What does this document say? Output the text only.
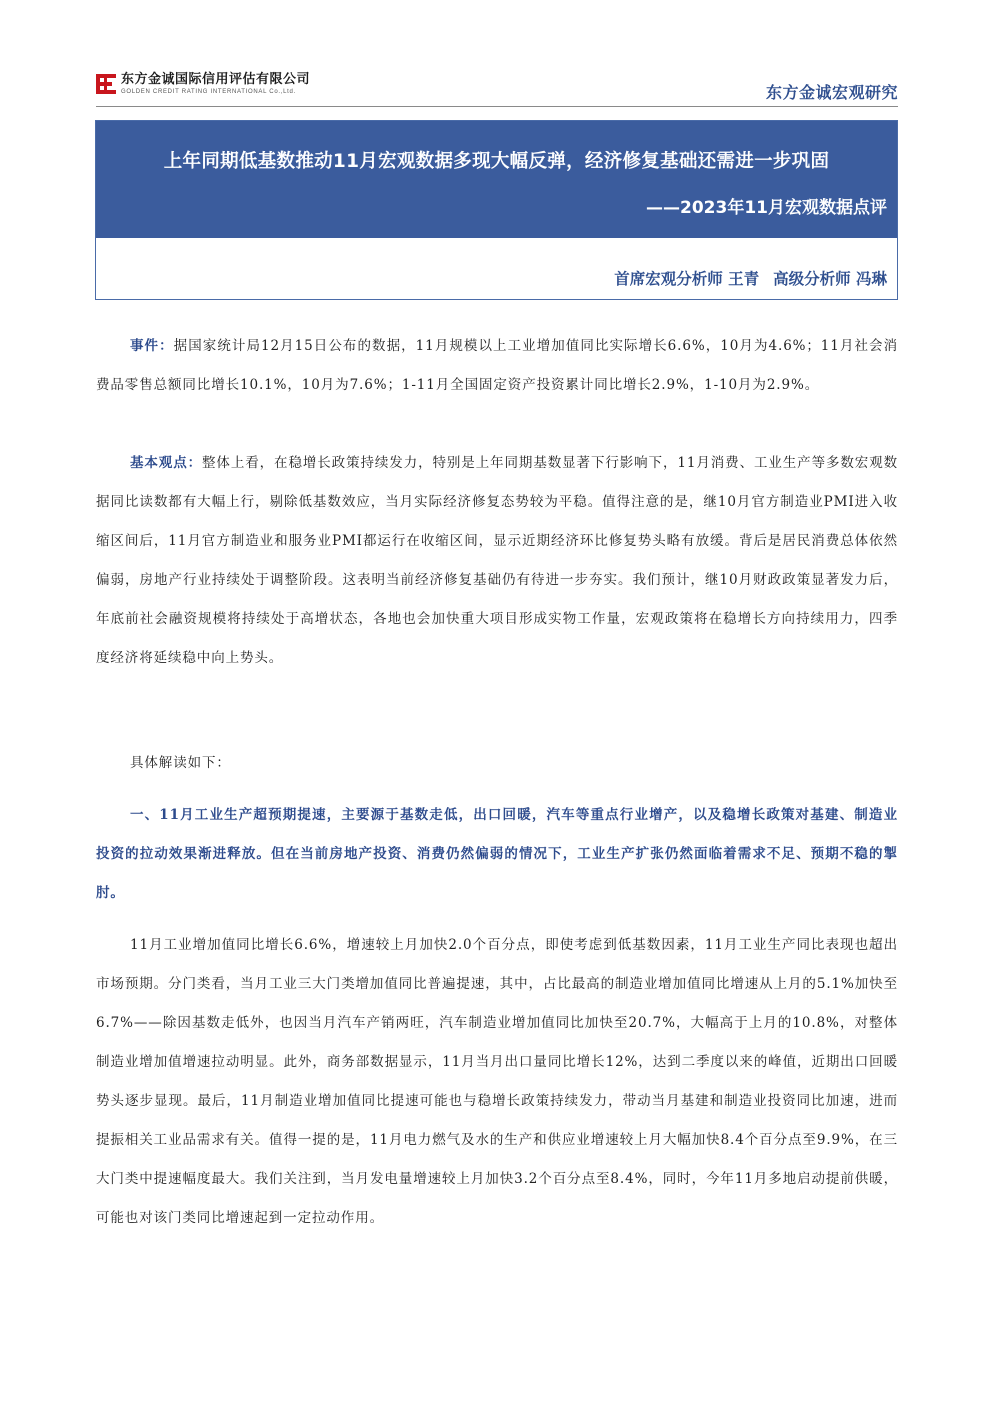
东方金诚国际信用评估有限公司
GOLDEN CREDIT RATING INTERNATIONAL Co.,Ltd.	东方金诚宏观研究
上年同期低基数推动11月宏观数据多现大幅反弹，经济修复基础还需进一步巩固
——2023年11月宏观数据点评
首席宏观分析师 王青 高级分析师 冯琳

事件：据国家统计局12月15日公布的数据，11月规模以上工业增加值同比实际增长6.6%，10月为4.6%；11月社会消费品零售总额同比增长10.1%，10月为7.6%；1-11月全国固定资产投资累计同比增长2.9%，1-10月为2.9%。

基本观点：整体上看，在稳增长政策持续发力，特别是上年同期基数显著下行影响下，11月消费、工业生产等多数宏观数据同比读数都有大幅上行，剔除低基数效应，当月实际经济修复态势较为平稳。值得注意的是，继10月官方制造业PMI进入收缩区间后，11月官方制造业和服务业PMI都运行在收缩区间，显示近期经济环比修复势头略有放缓。背后是居民消费总体依然偏弱，房地产行业持续处于调整阶段。这表明当前经济修复基础仍有待进一步夯实。我们预计，继10月财政政策显著发力后，年底前社会融资规模将持续处于高增状态，各地也会加快重大项目形成实物工作量，宏观政策将在稳增长方向持续用力，四季度经济将延续稳中向上势头。

具体解读如下：

一、11月工业生产超预期提速，主要源于基数走低，出口回暖，汽车等重点行业增产，以及稳增长政策对基建、制造业投资的拉动效果渐进释放。但在当前房地产投资、消费仍然偏弱的情况下，工业生产扩张仍然面临着需求不足、预期不稳的掣肘。

11月工业增加值同比增长6.6%，增速较上月加快2.0个百分点，即使考虑到低基数因素，11月工业生产同比表现也超出市场预期。分门类看，当月工业三大门类增加值同比普遍提速，其中，占比最高的制造业增加值同比增速从上月的5.1%加快至6.7%——除因基数走低外，也因当月汽车产销两旺，汽车制造业增加值同比加快至20.7%，大幅高于上月的10.8%，对整体制造业增加值增速拉动明显。此外，商务部数据显示，11月当月出口量同比增长12%，达到二季度以来的峰值，近期出口回暖势头逐步显现。最后，11月制造业增加值同比提速可能也与稳增长政策持续发力，带动当月基建和制造业投资同比加速，进而提振相关工业品需求有关。值得一提的是，11月电力燃气及水的生产和供应业增速较上月大幅加快8.4个百分点至9.9%，在三大门类中提速幅度最大。我们关注到，当月发电量增速较上月加快3.2个百分点至8.4%，同时，今年11月多地启动提前供暖，可能也对该门类同比增速起到一定拉动作用。

1
